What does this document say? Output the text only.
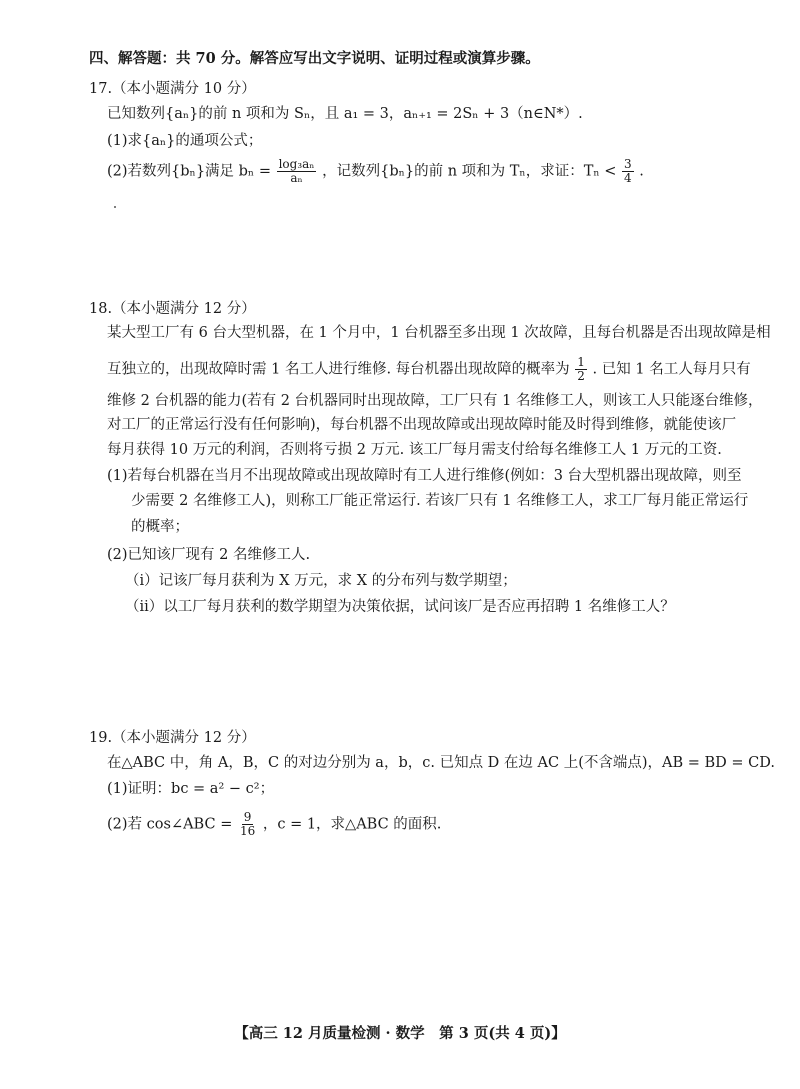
四、解答题：共 70 分。解答应写出文字说明、证明过程或演算步骤。
17.（本小题满分 10 分）
已知数列{aₙ}的前 n 项和为 Sₙ，且 a₁ = 3，aₙ₊₁ = 2Sₙ + 3（n∈N*）.
(1)求{aₙ}的通项公式；
(2)若数列{bₙ}满足 $b_n = \frac{\text{log₃aₙ}}{\text{aₙ}}$ ，记数列{bₙ}的前 n 项和为 Tₙ，求证：$T_n < \frac{3}{4}$ .
18.（本小题满分 12 分）
某大型工厂有 6 台大型机器，在 1 个月中，1 台机器至多出现 1 次故障，且每台机器是否出现故障是相
互独立的，出现故障时需 1 名工人进行维修. 每台机器出现故障的概率为 $\frac{1}{2}$ . 已知 1 名工人每月只有
维修 2 台机器的能力(若有 2 台机器同时出现故障，工厂只有 1 名维修工人，则该工人只能逐台维修，
对工厂的正常运行没有任何影响)，每台机器不出现故障或出现故障时能及时得到维修，就能使该厂
每月获得 10 万元的利润，否则将亏损 2 万元. 该工厂每月需支付给每名维修工人 1 万元的工资.
(1)若每台机器在当月不出现故障或出现故障时有工人进行维修(例如：3 台大型机器出现故障，则至
少需要 2 名维修工人)，则称工厂能正常运行. 若该厂只有 1 名维修工人，求工厂每月能正常运行
的概率；
(2)已知该厂现有 2 名维修工人.
（ⅰ）记该厂每月获利为 X 万元，求 X 的分布列与数学期望；
（ⅱ）以工厂每月获利的数学期望为决策依据，试问该厂是否应再招聘 1 名维修工人？
19.（本小题满分 12 分）
在△ABC 中，角 A，B，C 的对边分别为 a，b，c. 已知点 D 在边 AC 上(不含端点)，AB = BD = CD.
(1)证明：bc = a² − c²；
(2)若 cos∠ABC = $\frac{9}{16}$ ，c = 1，求△ABC 的面积.
【高三 12 月质量检测 · 数学　第 3 页(共 4 页)】
